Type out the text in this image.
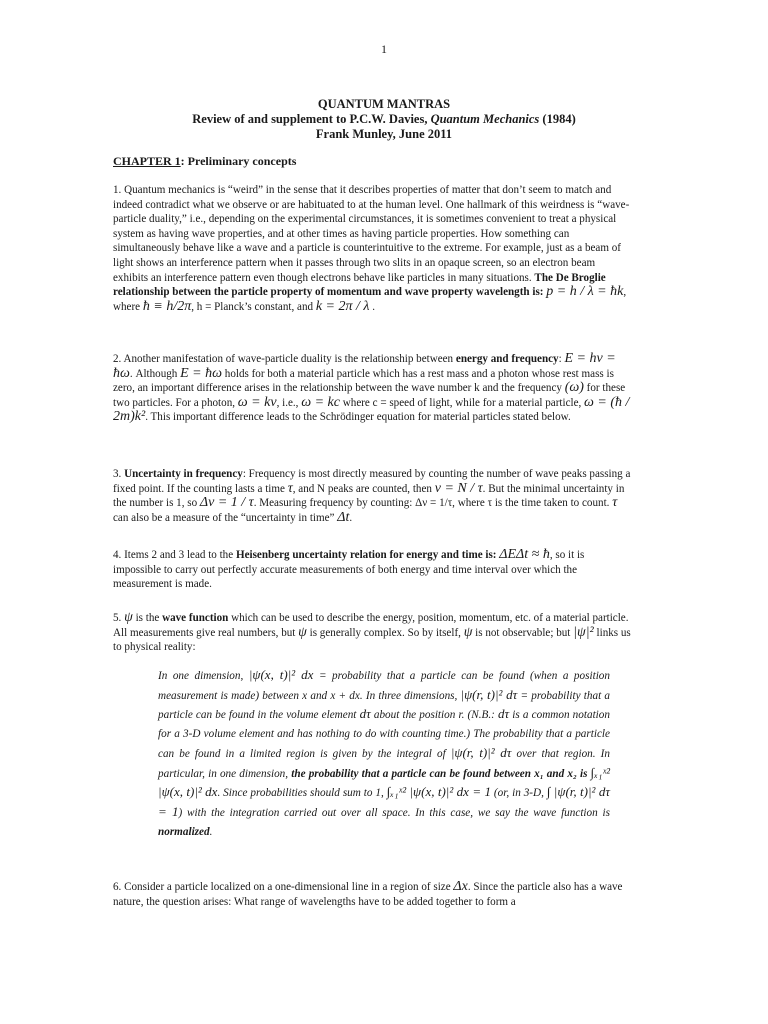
1
QUANTUM MANTRAS
Review of and supplement to P.C.W. Davies, Quantum Mechanics (1984)
Frank Munley, June 2011
CHAPTER 1: Preliminary concepts
1. Quantum mechanics is “weird” in the sense that it describes properties of matter that don’t seem to match and indeed contradict what we observe or are habituated to at the human level. One hallmark of this weirdness is “wave-particle duality,” i.e., depending on the experimental circumstances, it is sometimes convenient to treat a physical system as having wave properties, and at other times as having particle properties. How something can simultaneously behave like a wave and a particle is counterintuitive to the extreme. For example, just as a beam of light shows an interference pattern when it passes through two slits in an opaque screen, so an electron beam exhibits an interference pattern even though electrons behave like particles in many situations. The De Broglie relationship between the particle property of momentum and wave property wavelength is: p = h / λ = ħk, where ħ ≡ h/2π, h = Planck’s constant, and k = 2π / λ .
2. Another manifestation of wave-particle duality is the relationship between energy and frequency: E = hν = ħω. Although E = ħω holds for both a material particle which has a rest mass and a photon whose rest mass is zero, an important difference arises in the relationship between the wave number k and the frequency (ω) for these two particles. For a photon, ω = kν, i.e., ω = kc where c = speed of light, while for a material particle, ω = (ħ / 2m)k². This important difference leads to the Schrödinger equation for material particles stated below.
3. Uncertainty in frequency: Frequency is most directly measured by counting the number of wave peaks passing a fixed point. If the counting lasts a time τ, and N peaks are counted, then ν = N / τ. But the minimal uncertainty in the number is 1, so Δν = 1 / τ. Measuring frequency by counting: Δν = 1/τ, where τ is the time taken to count. τ can also be a measure of the “uncertainty in time” Δt.
4. Items 2 and 3 lead to the Heisenberg uncertainty relation for energy and time is: ΔEΔt ≈ ħ, so it is impossible to carry out perfectly accurate measurements of both energy and time interval over which the measurement is made.
5. ψ is the wave function which can be used to describe the energy, position, momentum, etc. of a material particle. All measurements give real numbers, but ψ is generally complex. So by itself, ψ is not observable; but |ψ|² links us to physical reality:
In one dimension, |ψ(x, t)|² dx = probability that a particle can be found (when a position measurement is made) between x and x + dx. In three dimensions, |ψ(r, t)|² dτ = probability that a particle can be found in the volume element dτ about the position r. (N.B.: dτ is a common notation for a 3-D volume element and has nothing to do with counting time.) The probability that a particle can be found in a limited region is given by the integral of |ψ(r, t)|² dτ over that region. In particular, in one dimension, the probability that a particle can be found between x₁ and x₂ is ∫ₓ₁ˣ² |ψ(x, t)|² dx. Since probabilities should sum to 1, ∫ₓ₁ˣ² |ψ(x, t)|² dx = 1 (or, in 3-D, ∫ |ψ(r, t)|² dτ = 1) with the integration carried out over all space. In this case, we say the wave function is normalized.
6. Consider a particle localized on a one-dimensional line in a region of size Δx. Since the particle also has a wave nature, the question arises: What range of wavelengths have to be added together to form a
